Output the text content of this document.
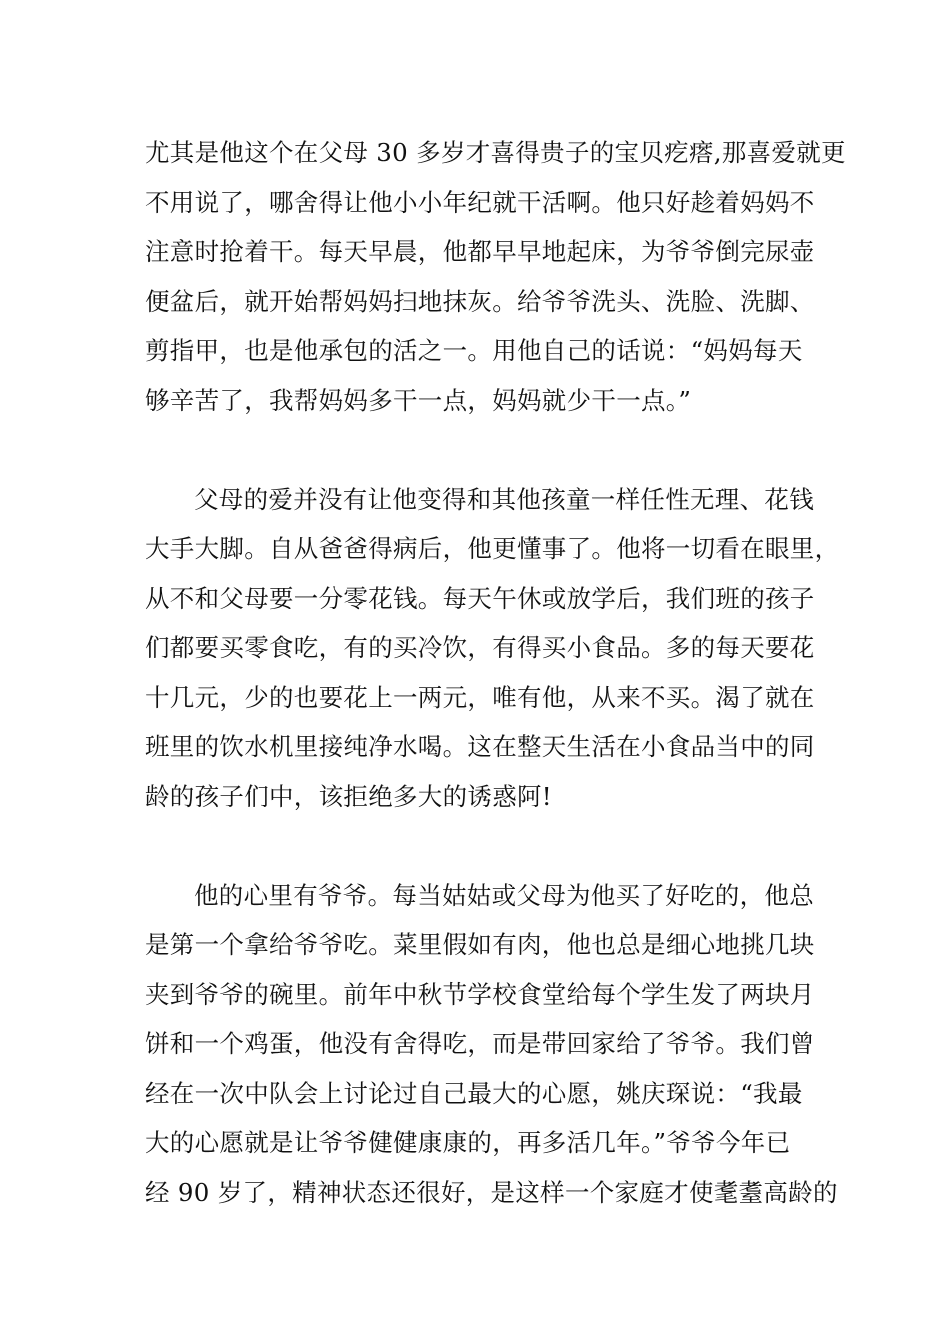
尤其是他这个在父母 30 多岁才喜得贵子的宝贝疙瘩,那喜爱就更
不用说了，哪舍得让他小小年纪就干活啊。他只好趁着妈妈不
注意时抢着干。每天早晨，他都早早地起床，为爷爷倒完尿壶
便盆后，就开始帮妈妈扫地抹灰。给爷爷洗头、洗脸、洗脚、
剪指甲，也是他承包的活之一。用他自己的话说：“妈妈每天
够辛苦了，我帮妈妈多干一点，妈妈就少干一点。”

父母的爱并没有让他变得和其他孩童一样任性无理、花钱
大手大脚。自从爸爸得病后，他更懂事了。他将一切看在眼里，
从不和父母要一分零花钱。每天午休或放学后，我们班的孩子
们都要买零食吃，有的买冷饮，有得买小食品。多的每天要花
十几元，少的也要花上一两元，唯有他，从来不买。渴了就在
班里的饮水机里接纯净水喝。这在整天生活在小食品当中的同
龄的孩子们中，该拒绝多大的诱惑阿!

他的心里有爷爷。每当姑姑或父母为他买了好吃的，他总
是第一个拿给爷爷吃。菜里假如有肉，他也总是细心地挑几块
夹到爷爷的碗里。前年中秋节学校食堂给每个学生发了两块月
饼和一个鸡蛋，他没有舍得吃，而是带回家给了爷爷。我们曾
经在一次中队会上讨论过自己最大的心愿，姚庆琛说：“我最
大的心愿就是让爷爷健健康康的，再多活几年。”爷爷今年已
经 90 岁了，精神状态还很好，是这样一个家庭才使耄耋高龄的
